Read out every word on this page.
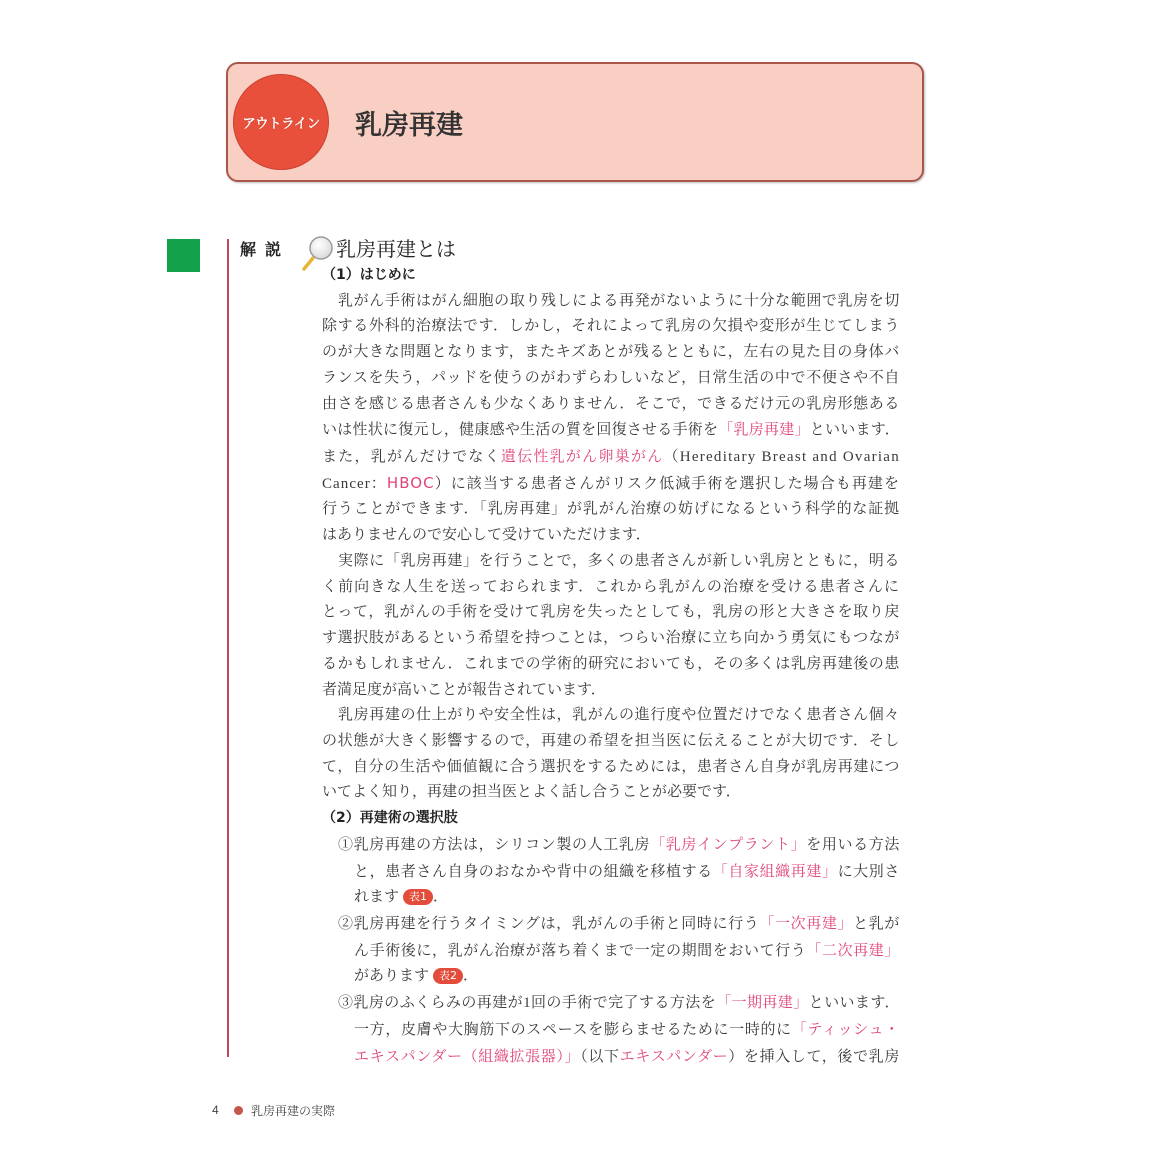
アウトライン 乳房再建
解説 乳房再建とは
（1）はじめに
乳がん手術はがん細胞の取り残しによる再発がないように十分な範囲で乳房を切
除する外科的治療法です．しかし，それによって乳房の欠損や変形が生じてしまう
のが大きな問題となります，またキズあとが残るとともに，左右の見た目の身体バ
ランスを失う，パッドを使うのがわずらわしいなど，日常生活の中で不便さや不自
由さを感じる患者さんも少なくありません．そこで，できるだけ元の乳房形態ある
いは性状に復元し，健康感や生活の質を回復させる手術を「乳房再建」といいます．
また，乳がんだけでなく遺伝性乳がん卵巣がん（Hereditary Breast and Ovarian
Cancer：HBOC）に該当する患者さんがリスク低減手術を選択した場合も再建を
行うことができます．「乳房再建」が乳がん治療の妨げになるという科学的な証拠
はありませんので安心して受けていただけます．
実際に「乳房再建」を行うことで，多くの患者さんが新しい乳房とともに，明る
く前向きな人生を送っておられます．これから乳がんの治療を受ける患者さんに
とって，乳がんの手術を受けて乳房を失ったとしても，乳房の形と大きさを取り戻
す選択肢があるという希望を持つことは，つらい治療に立ち向かう勇気にもつなが
るかもしれません．これまでの学術的研究においても，その多くは乳房再建後の患
者満足度が高いことが報告されています．
乳房再建の仕上がりや安全性は，乳がんの進行度や位置だけでなく患者さん個々
の状態が大きく影響するので，再建の希望を担当医に伝えることが大切です．そし
て，自分の生活や価値観に合う選択をするためには，患者さん自身が乳房再建につ
いてよく知り，再建の担当医とよく話し合うことが必要です．
（2）再建術の選択肢
①乳房再建の方法は，シリコン製の人工乳房「乳房インプラント」を用いる方法
と，患者さん自身のおなかや背中の組織を移植する「自家組織再建」に大別さ
れます 表1 ．
②乳房再建を行うタイミングは，乳がんの手術と同時に行う「一次再建」と乳が
ん手術後に，乳がん治療が落ち着くまで一定の期間をおいて行う「二次再建」
があります 表2 ．
③乳房のふくらみの再建が1回の手術で完了する方法を「一期再建」といいます．
一方，皮膚や大胸筋下のスペースを膨らませるために一時的に「ティッシュ・
エキスパンダー（組織拡張器）」（以下エキスパンダー）を挿入して，後で乳房
4	乳房再建の実際
